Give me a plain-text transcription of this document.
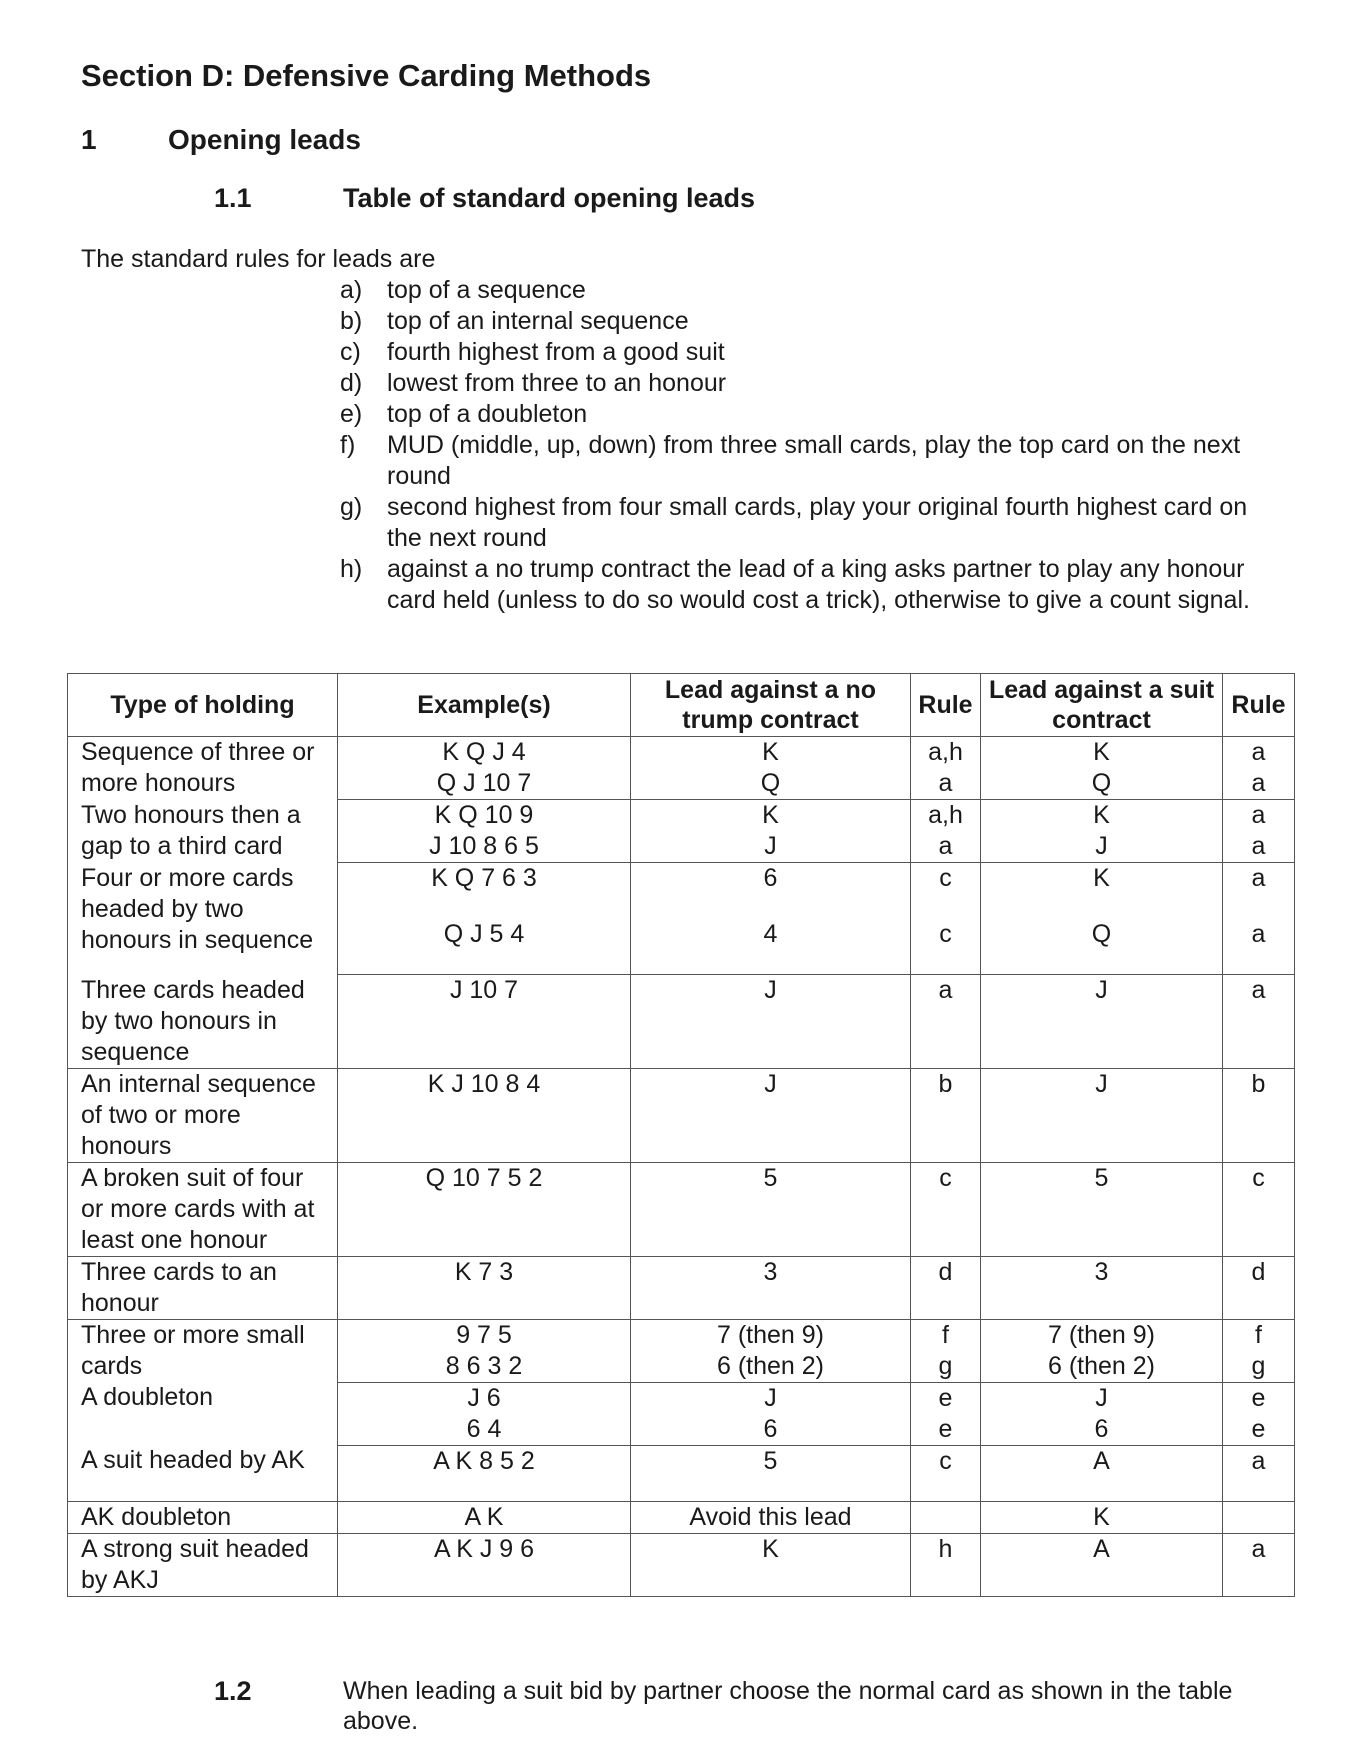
Section D: Defensive Carding Methods
1	Opening leads
1.1	Table of standard opening leads
The standard rules for leads are
a) top of a sequence
b) top of an internal sequence
c) fourth highest from a good suit
d) lowest from three to an honour
e) top of a doubleton
f) MUD (middle, up, down) from three small cards, play the top card on the next round
g) second highest from four small cards, play your original fourth highest card on the next round
h) against a no trump contract the lead of a king asks partner to play any honour card held (unless to do so would cost a trick), otherwise to give a count signal.
Type of holding	Example(s)	Lead against a no trump contract	Rule	Lead against a suit contract	Rule
Sequence of three or more honours	K Q J 4	K	a,h	K	a
	Q J 10 7	Q	a	Q	a
Two honours then a gap to a third card	K Q 10 9	K	a,h	K	a
	J 10 8 6 5	J	a	J	a
Four or more cards headed by two honours in sequence	K Q 7 6 3	6	c	K	a
	Q J 5 4	4	c	Q	a
Three cards headed by two honours in sequence	J 10 7	J	a	J	a
An internal sequence of two or more honours	K J 10 8 4	J	b	J	b
A broken suit of four or more cards with at least one honour	Q 10 7 5 2	5	c	5	c
Three cards to an honour	K 7 3	3	d	3	d
Three or more small cards	9 7 5	7 (then 9)	f	7 (then 9)	f
	8 6 3 2	6 (then 2)	g	6 (then 2)	g
A doubleton	J 6	J	e	J	e
	6 4	6	e	6	e
A suit headed by AK	A K 8 5 2	5	c	A	a
AK doubleton	A K	Avoid this lead		K	
A strong suit headed by AKJ	A K J 9 6	K	h	A	a
1.2	When leading a suit bid by partner choose the normal card as shown in the table above.
